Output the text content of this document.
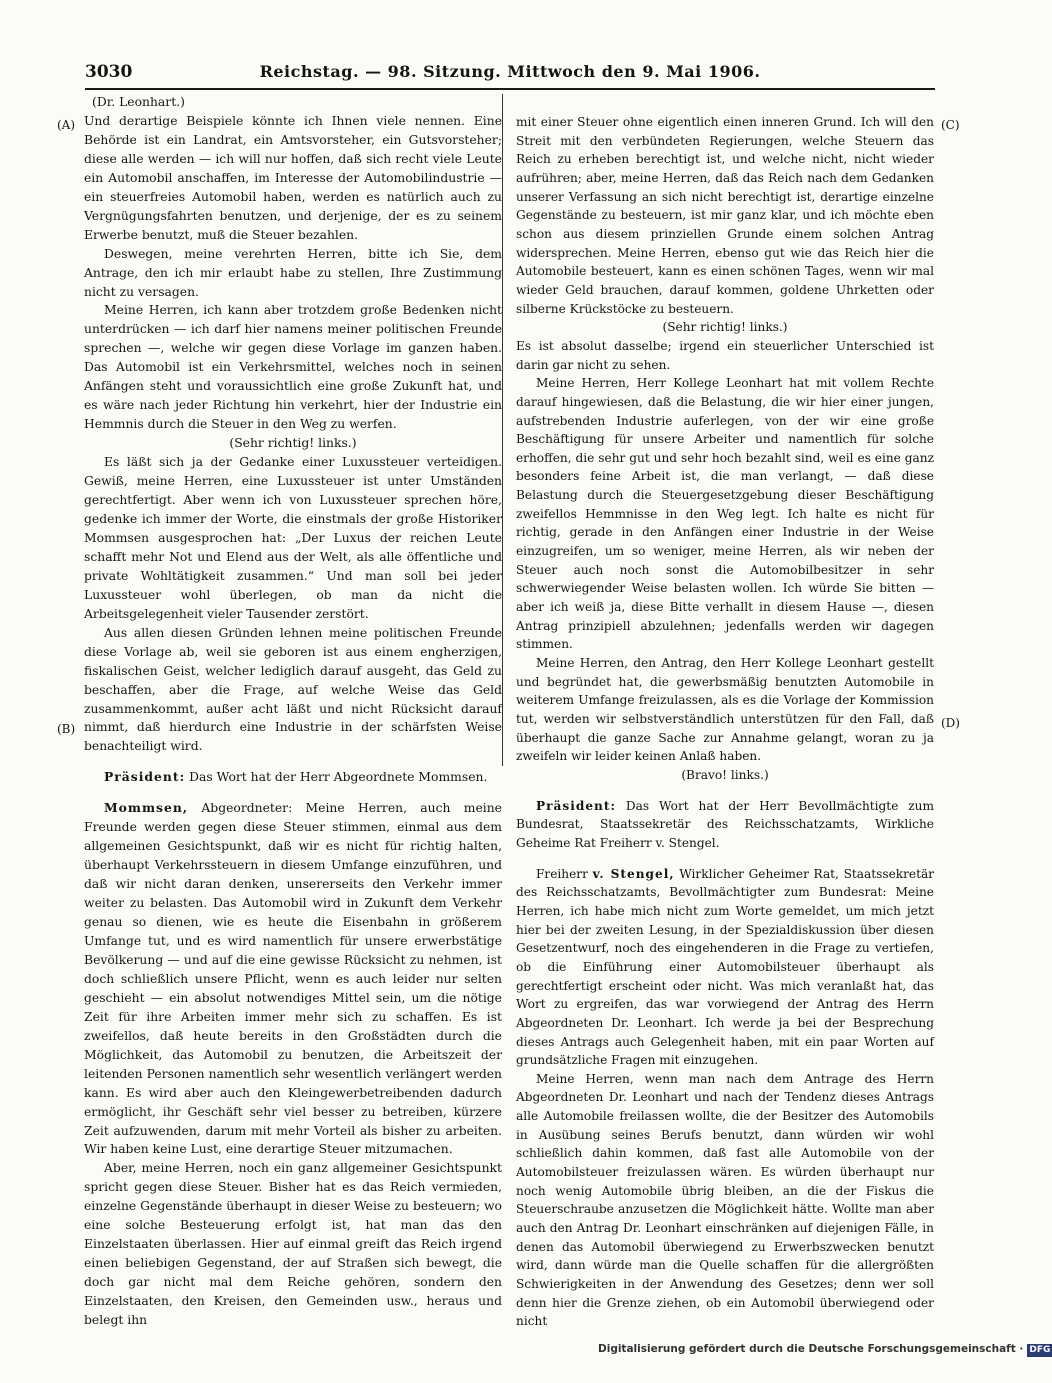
Reichstag. — 98. Sitzung. Mittwoch den 9. Mai 1906.
3030
(A)
(B)
(C)
(D)

(Dr. Leonhart.)

Und derartige Beispiele könnte ich Ihnen viele nennen. Eine Behörde ist ein Landrat, ein Amtsvorsteher, ein Gutsvorsteher; diese alle werden — ich will nur hoffen, daß sich recht viele Leute ein Automobil anschaffen, im Interesse der Automobilindustrie — ein steuerfreies Automobil haben, werden es natürlich auch zu Vergnügungsfahrten benutzen, und derjenige, der es zu seinem Erwerbe benutzt, muß die Steuer bezahlen.

Deswegen, meine verehrten Herren, bitte ich Sie, dem Antrage, den ich mir erlaubt habe zu stellen, Ihre Zustimmung nicht zu versagen.

Meine Herren, ich kann aber trotzdem große Bedenken nicht unterdrücken — ich darf hier namens meiner politischen Freunde sprechen —, welche wir gegen diese Vorlage im ganzen haben. Das Automobil ist ein Verkehrsmittel, welches noch in seinen Anfängen steht und voraussichtlich eine große Zukunft hat, und es wäre nach jeder Richtung hin verkehrt, hier der Industrie ein Hemmnis durch die Steuer in den Weg zu werfen.

(Sehr richtig! links.)

Es läßt sich ja der Gedanke einer Luxussteuer verteidigen. Gewiß, meine Herren, eine Luxussteuer ist unter Umständen gerechtfertigt. Aber wenn ich von Luxussteuer sprechen höre, gedenke ich immer der Worte, die einstmals der große Historiker Mommsen ausgesprochen hat: „Der Luxus der reichen Leute schafft mehr Not und Elend aus der Welt, als alle öffentliche und private Wohltätigkeit zusammen.“ Und man soll bei jeder Luxussteuer wohl überlegen, ob man da nicht die Arbeitsgelegenheit vieler Tausender zerstört.

Aus allen diesen Gründen lehnen meine politischen Freunde diese Vorlage ab, weil sie geboren ist aus einem engherzigen, fiskalischen Geist, welcher lediglich darauf ausgeht, das Geld zu beschaffen, aber die Frage, auf welche Weise das Geld zusammenkommt, außer acht läßt und nicht Rücksicht darauf nimmt, daß hierdurch eine Industrie in der schärfsten Weise benachteiligt wird.

Präsident: Das Wort hat der Herr Abgeordnete Mommsen.

Mommsen, Abgeordneter: Meine Herren, auch meine Freunde werden gegen diese Steuer stimmen, einmal aus dem allgemeinen Gesichtspunkt, daß wir es nicht für richtig halten, überhaupt Verkehrssteuern in diesem Umfange einzuführen, und daß wir nicht daran denken, unsererseits den Verkehr immer weiter zu belasten. Das Automobil wird in Zukunft dem Verkehr genau so dienen, wie es heute die Eisenbahn in größerem Umfange tut, und es wird namentlich für unsere erwerbstätige Bevölkerung — und auf die eine gewisse Rücksicht zu nehmen, ist doch schließlich unsere Pflicht, wenn es auch leider nur selten geschieht — ein absolut notwendiges Mittel sein, um die nötige Zeit für ihre Arbeiten immer mehr sich zu schaffen. Es ist zweifellos, daß heute bereits in den Großstädten durch die Möglichkeit, das Automobil zu benutzen, die Arbeitszeit der leitenden Personen namentlich sehr wesentlich verlängert werden kann. Es wird aber auch den Kleingewerbetreibenden dadurch ermöglicht, ihr Geschäft sehr viel besser zu betreiben, kürzere Zeit aufzuwenden, darum mit mehr Vorteil als bisher zu arbeiten. Wir haben keine Lust, eine derartige Steuer mitzumachen.

Aber, meine Herren, noch ein ganz allgemeiner Gesichtspunkt spricht gegen diese Steuer. Bisher hat es das Reich vermieden, einzelne Gegenstände überhaupt in dieser Weise zu besteuern; wo eine solche Besteuerung erfolgt ist, hat man das den Einzelstaaten überlassen. Hier auf einmal greift das Reich irgend einen beliebigen Gegenstand, der auf Straßen sich bewegt, die doch gar nicht mal dem Reiche gehören, sondern den Einzelstaaten, den Kreisen, den Gemeinden usw., heraus und belegt ihn

mit einer Steuer ohne eigentlich einen inneren Grund. Ich will den Streit mit den verbündeten Regierungen, welche Steuern das Reich zu erheben berechtigt ist, und welche nicht, nicht wieder aufrühren; aber, meine Herren, daß das Reich nach dem Gedanken unserer Verfassung an sich nicht berechtigt ist, derartige einzelne Gegenstände zu besteuern, ist mir ganz klar, und ich möchte eben schon aus diesem prinziellen Grunde einem solchen Antrag widersprechen. Meine Herren, ebenso gut wie das Reich hier die Automobile besteuert, kann es einen schönen Tages, wenn wir mal wieder Geld brauchen, darauf kommen, goldene Uhrketten oder silberne Krückstöcke zu besteuern.

(Sehr richtig! links.)

Es ist absolut dasselbe; irgend ein steuerlicher Unterschied ist darin gar nicht zu sehen.

Meine Herren, Herr Kollege Leonhart hat mit vollem Rechte darauf hingewiesen, daß die Belastung, die wir hier einer jungen, aufstrebenden Industrie auferlegen, von der wir eine große Beschäftigung für unsere Arbeiter und namentlich für solche erhoffen, die sehr gut und sehr hoch bezahlt sind, weil es eine ganz besonders feine Arbeit ist, die man verlangt, — daß diese Belastung durch die Steuergesetzgebung dieser Beschäftigung zweifellos Hemmnisse in den Weg legt. Ich halte es nicht für richtig, gerade in den Anfängen einer Industrie in der Weise einzugreifen, um so weniger, meine Herren, als wir neben der Steuer auch noch sonst die Automobilbesitzer in sehr schwerwiegender Weise belasten wollen. Ich würde Sie bitten — aber ich weiß ja, diese Bitte verhallt in diesem Hause —, diesen Antrag prinzipiell abzulehnen; jedenfalls werden wir dagegen stimmen.

Meine Herren, den Antrag, den Herr Kollege Leonhart gestellt und begründet hat, die gewerbsmäßig benutzten Automobile in weiterem Umfange freizulassen, als es die Vorlage der Kommission tut, werden wir selbstverständlich unterstützen für den Fall, daß überhaupt die ganze Sache zur Annahme gelangt, woran zu ja zweifeln wir leider keinen Anlaß haben.

(Bravo! links.)

Präsident: Das Wort hat der Herr Bevollmächtigte zum Bundesrat, Staatssekretär des Reichsschatzamts, Wirkliche Geheime Rat Freiherr v. Stengel.

Freiherr v. Stengel, Wirklicher Geheimer Rat, Staatssekretär des Reichsschatzamts, Bevollmächtigter zum Bundesrat: Meine Herren, ich habe mich nicht zum Worte gemeldet, um mich jetzt hier bei der zweiten Lesung, in der Spezialdiskussion über diesen Gesetzentwurf, noch des eingehenderen in die Frage zu vertiefen, ob die Einführung einer Automobilsteuer überhaupt als gerechtfertigt erscheint oder nicht. Was mich veranlaßt hat, das Wort zu ergreifen, das war vorwiegend der Antrag des Herrn Abgeordneten Dr. Leonhart. Ich werde ja bei der Besprechung dieses Antrags auch Gelegenheit haben, mit ein paar Worten auf grundsätzliche Fragen mit einzugehen.

Meine Herren, wenn man nach dem Antrage des Herrn Abgeordneten Dr. Leonhart und nach der Tendenz dieses Antrags alle Automobile freilassen wollte, die der Besitzer des Automobils in Ausübung seines Berufs benutzt, dann würden wir wohl schließlich dahin kommen, daß fast alle Automobile von der Automobilsteuer freizulassen wären. Es würden überhaupt nur noch wenig Automobile übrig bleiben, an die der Fiskus die Steuerschraube anzusetzen die Möglichkeit hätte. Wollte man aber auch den Antrag Dr. Leonhart einschränken auf diejenigen Fälle, in denen das Automobil überwiegend zu Erwerbszwecken benutzt wird, dann würde man die Quelle schaffen für die allergrößten Schwierigkeiten in der Anwendung des Gesetzes; denn wer soll denn hier die Grenze ziehen, ob ein Automobil überwiegend oder nicht

Digitalisierung gefördert durch die Deutsche Forschungsgemeinschaft · DFG
